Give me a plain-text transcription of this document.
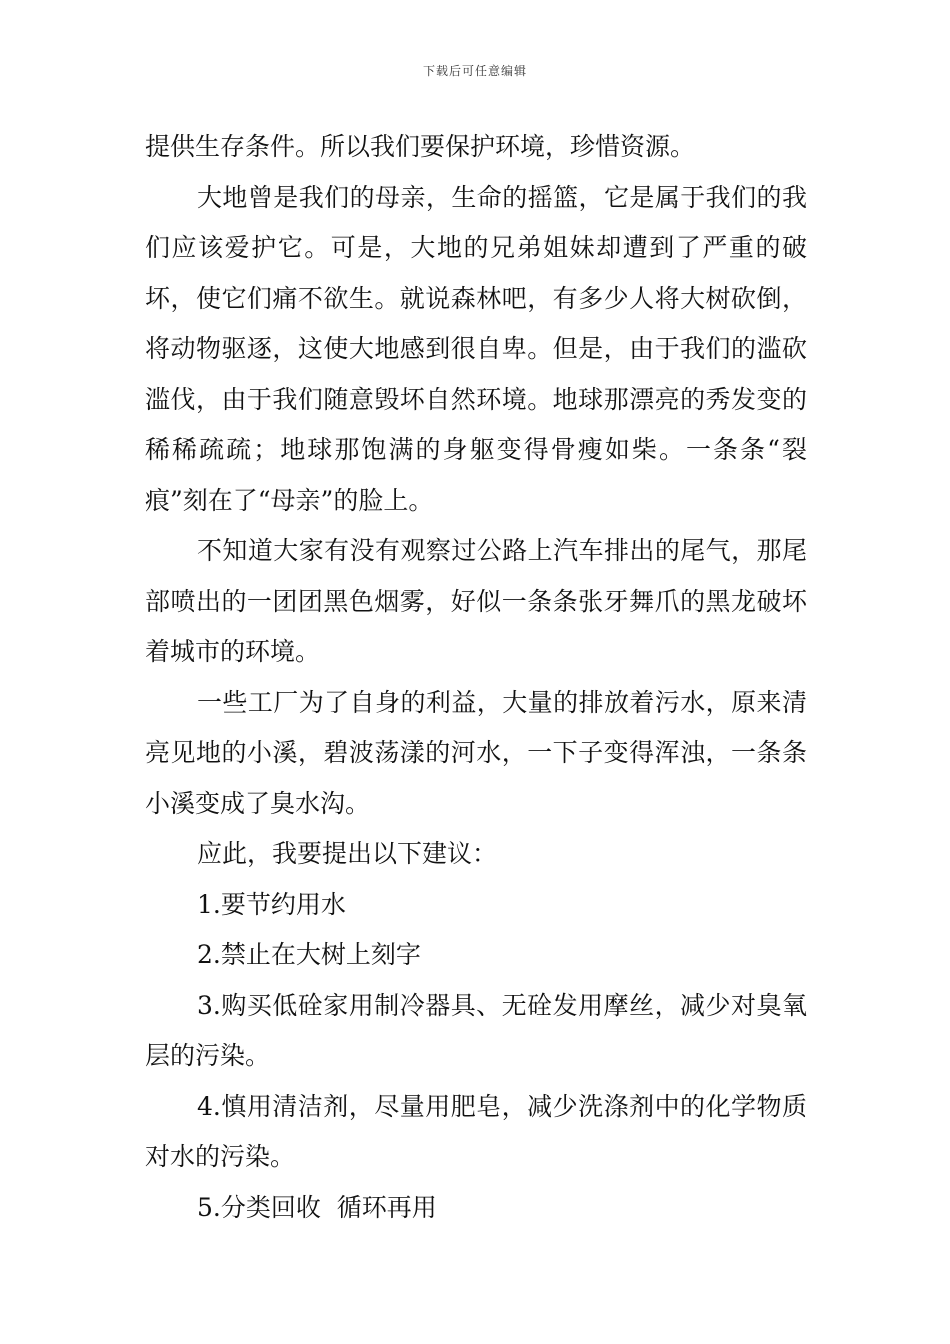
下载后可任意编辑

提供生存条件。所以我们要保护环境，珍惜资源。

大地曾是我们的母亲，生命的摇篮，它是属于我们的我们应该爱护它。可是，大地的兄弟姐妹却遭到了严重的破坏，使它们痛不欲生。就说森林吧，有多少人将大树砍倒，将动物驱逐，这使大地感到很自卑。但是，由于我们的滥砍滥伐，由于我们随意毁坏自然环境。地球那漂亮的秀发变的稀稀疏疏；地球那饱满的身躯变得骨瘦如柴。一条条“裂痕”刻在了“母亲”的脸上。

不知道大家有没有观察过公路上汽车排出的尾气，那尾部喷出的一团团黑色烟雾，好似一条条张牙舞爪的黑龙破坏着城市的环境。

一些工厂为了自身的利益，大量的排放着污水，原来清亮见地的小溪，碧波荡漾的河水，一下子变得浑浊，一条条小溪变成了臭水沟。

应此，我要提出以下建议：

1.要节约用水

2.禁止在大树上刻字

3.购买低硂家用制冷器具、无硂发用摩丝，减少对臭氧层的污染。

4.慎用清洁剂，尽量用肥皂，减少洗涤剂中的化学物质对水的污染。

5.分类回收  循环再用
